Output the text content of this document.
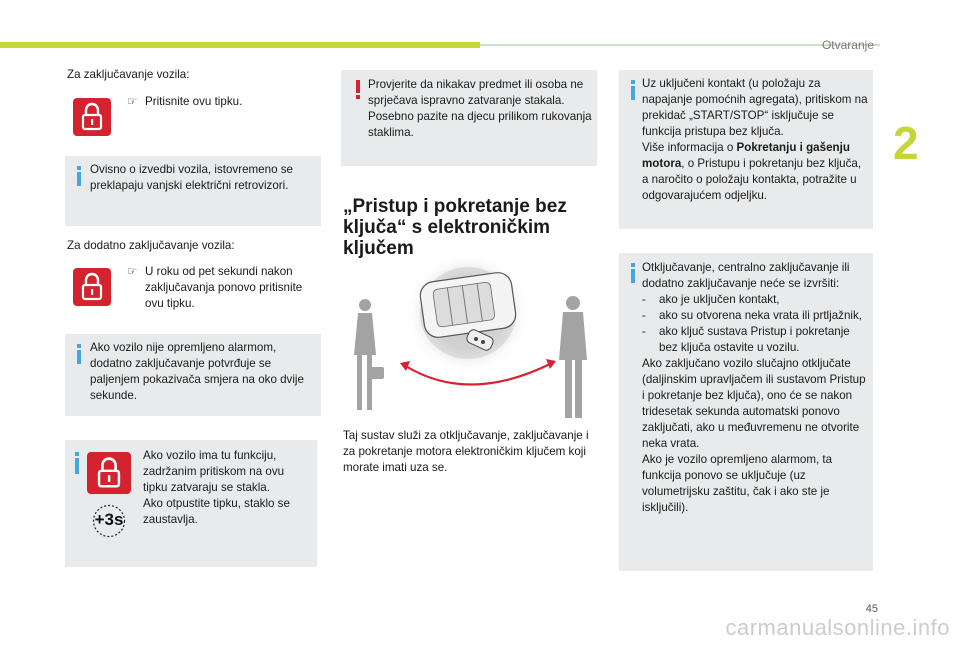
Otvaranje
2
Za zaključavanje vozila:
☞ Pritisnite ovu tipku.
Ovisno o izvedbi vozila, istovremeno se preklapaju vanjski električni retrovizori.
Za dodatno zaključavanje vozila:
☞ U roku od pet sekundi nakon zaključavanja ponovo pritisnite ovu tipku.
Ako vozilo nije opremljeno alarmom, dodatno zaključavanje potvrđuje se paljenjem pokazivača smjera na oko dvije sekunde.
+3s
Ako vozilo ima tu funkciju, zadržanim pritiskom na ovu tipku zatvaraju se stakla.
Ako otpustite tipku, staklo se zaustavlja.
Provjerite da nikakav predmet ili osoba ne sprječava ispravno zatvaranje stakala. Posebno pazite na djecu prilikom rukovanja staklima.
„Pristup i pokretanje bez
ključa“ s elektroničkim
ključem
Taj sustav služi za otključavanje, zaključavanje i za pokretanje motora elektroničkim ključem koji morate imati uza se.
Uz uključeni kontakt (u položaju za napajanje pomoćnih agregata), pritiskom na prekidač „START/STOP“ isključuje se funkcija pristupa bez ključa.
Više informacija o Pokretanju i gašenju motora, o Pristupu i pokretanju bez ključa, a naročito o položaju kontakta, potražite u odgovarajućem odjeljku.
Otključavanje, centralno zaključavanje ili dodatno zaključavanje neće se izvršiti:
- ako je uključen kontakt,
- ako su otvorena neka vrata ili prtljažnik,
- ako ključ sustava Pristup i pokretanje bez ključa ostavite u vozilu.
Ako zaključano vozilo slučajno otključate (daljinskim upravljačem ili sustavom Pristup i pokretanje bez ključa), ono će se nakon tridesetak sekunda automatski ponovo zaključati, ako u međuvremenu ne otvorite neka vrata.
Ako je vozilo opremljeno alarmom, ta funkcija ponovo se uključuje (uz volumetrijsku zaštitu, čak i ako ste je isključili).
45
carmanualsonline.info
